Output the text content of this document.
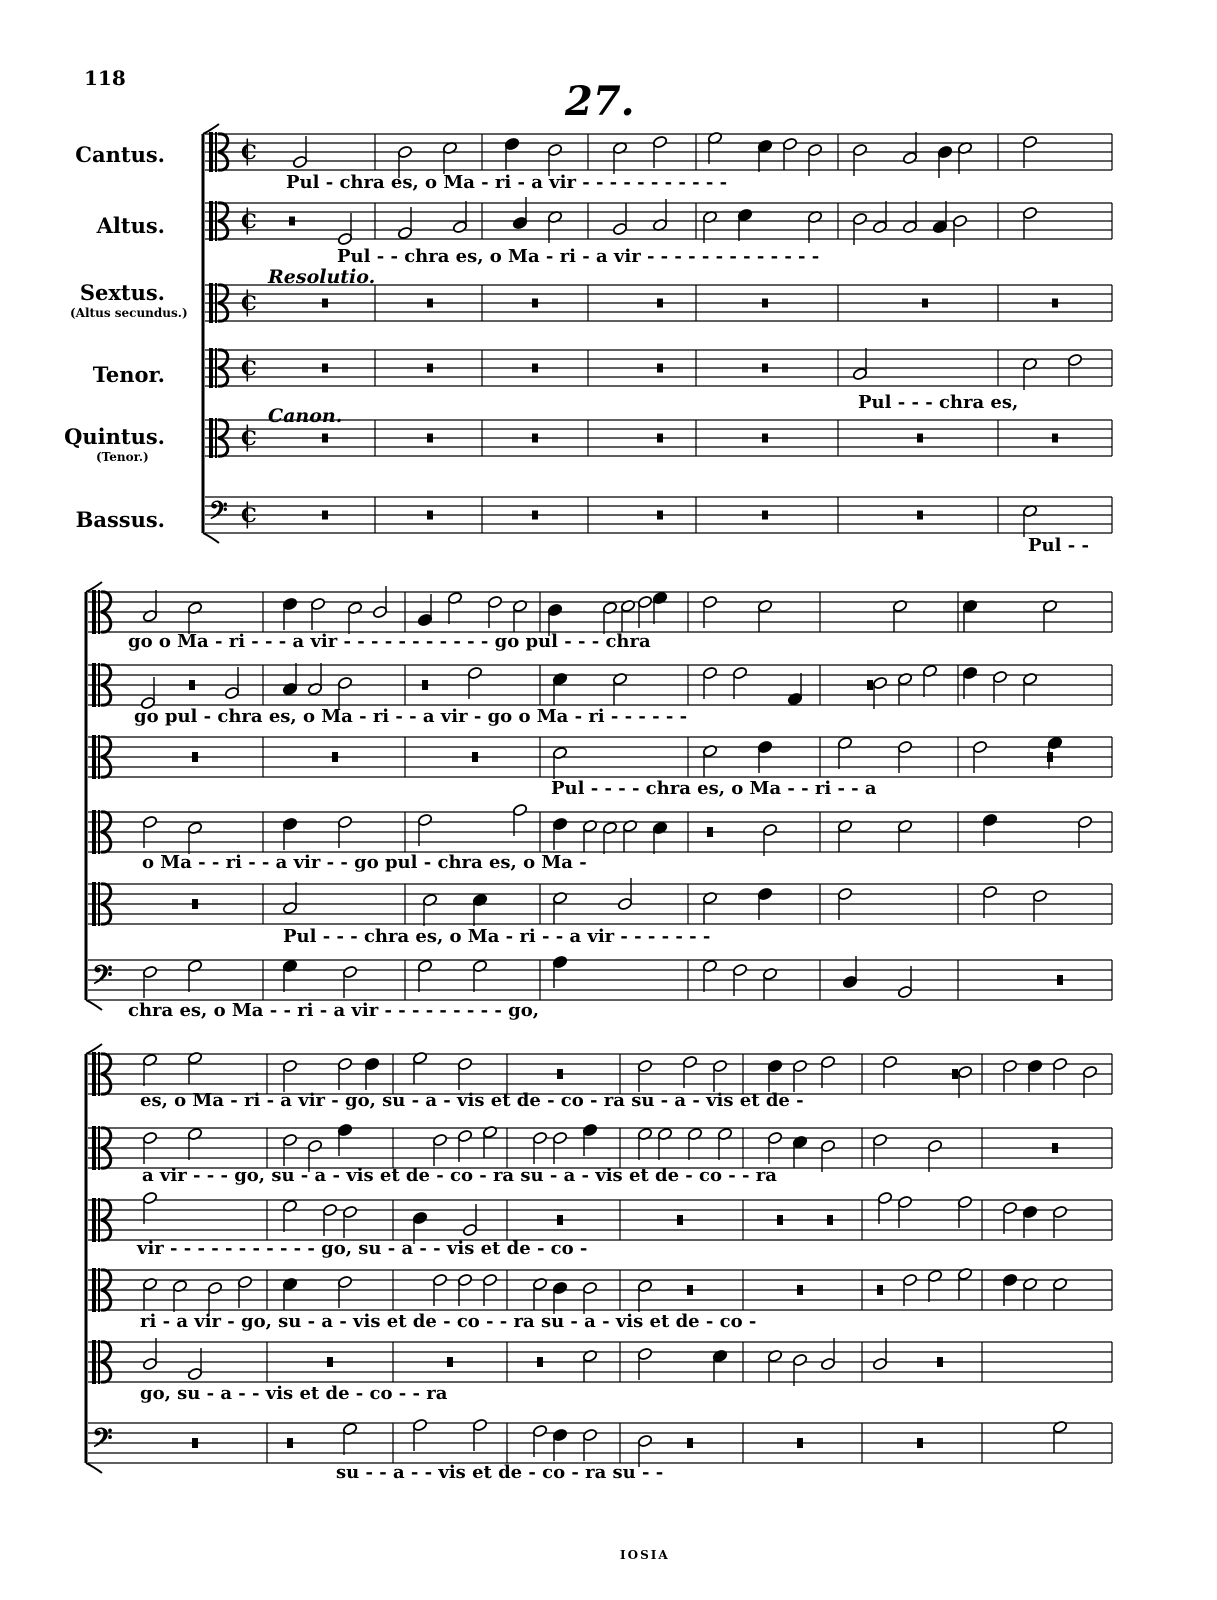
118	27.
Cantus.
Altus.
Sextus.
(Altus secundus.)
Tenor.
Quintus.
(Tenor.)
Bassus.
Resolutio.
Canon.
C
C
C
C
C
𝄢 C
𝄢
𝄢
Pul - chra es, o Ma - ri - a vir - - - - - - - - - - -
Pul - - chra es, o Ma - ri - a vir - - - - - - - - - - - - -
Pul - - - chra es,
Pul - -
go o Ma - ri - - - a vir - - - - - - - - - - - go pul - - - chra
go pul - chra es, o Ma - ri - - a vir - go o Ma - ri - - - - - -
Pul - - - - chra es, o Ma - - ri - - a
o Ma - - ri - - a vir - - go pul - chra es, o Ma -
Pul - - - chra es, o Ma - ri - - a vir - - - - - - -
chra es, o Ma - - ri - a vir - - - - - - - - - go,
es, o Ma - ri - a vir - go, su - a - vis et de - co - ra su - a - vis et de -
a vir - - - go, su - a - vis et de - co - ra su - a - vis et de - co - - ra
vir - - - - - - - - - - - go, su - a - - vis et de - co -
ri - a vir - go, su - a - vis et de - co - - ra su - a - vis et de - co -
go, su - a - - vis et de - co - - ra
su - - a - - vis et de - co - ra su - -
IOSIA
